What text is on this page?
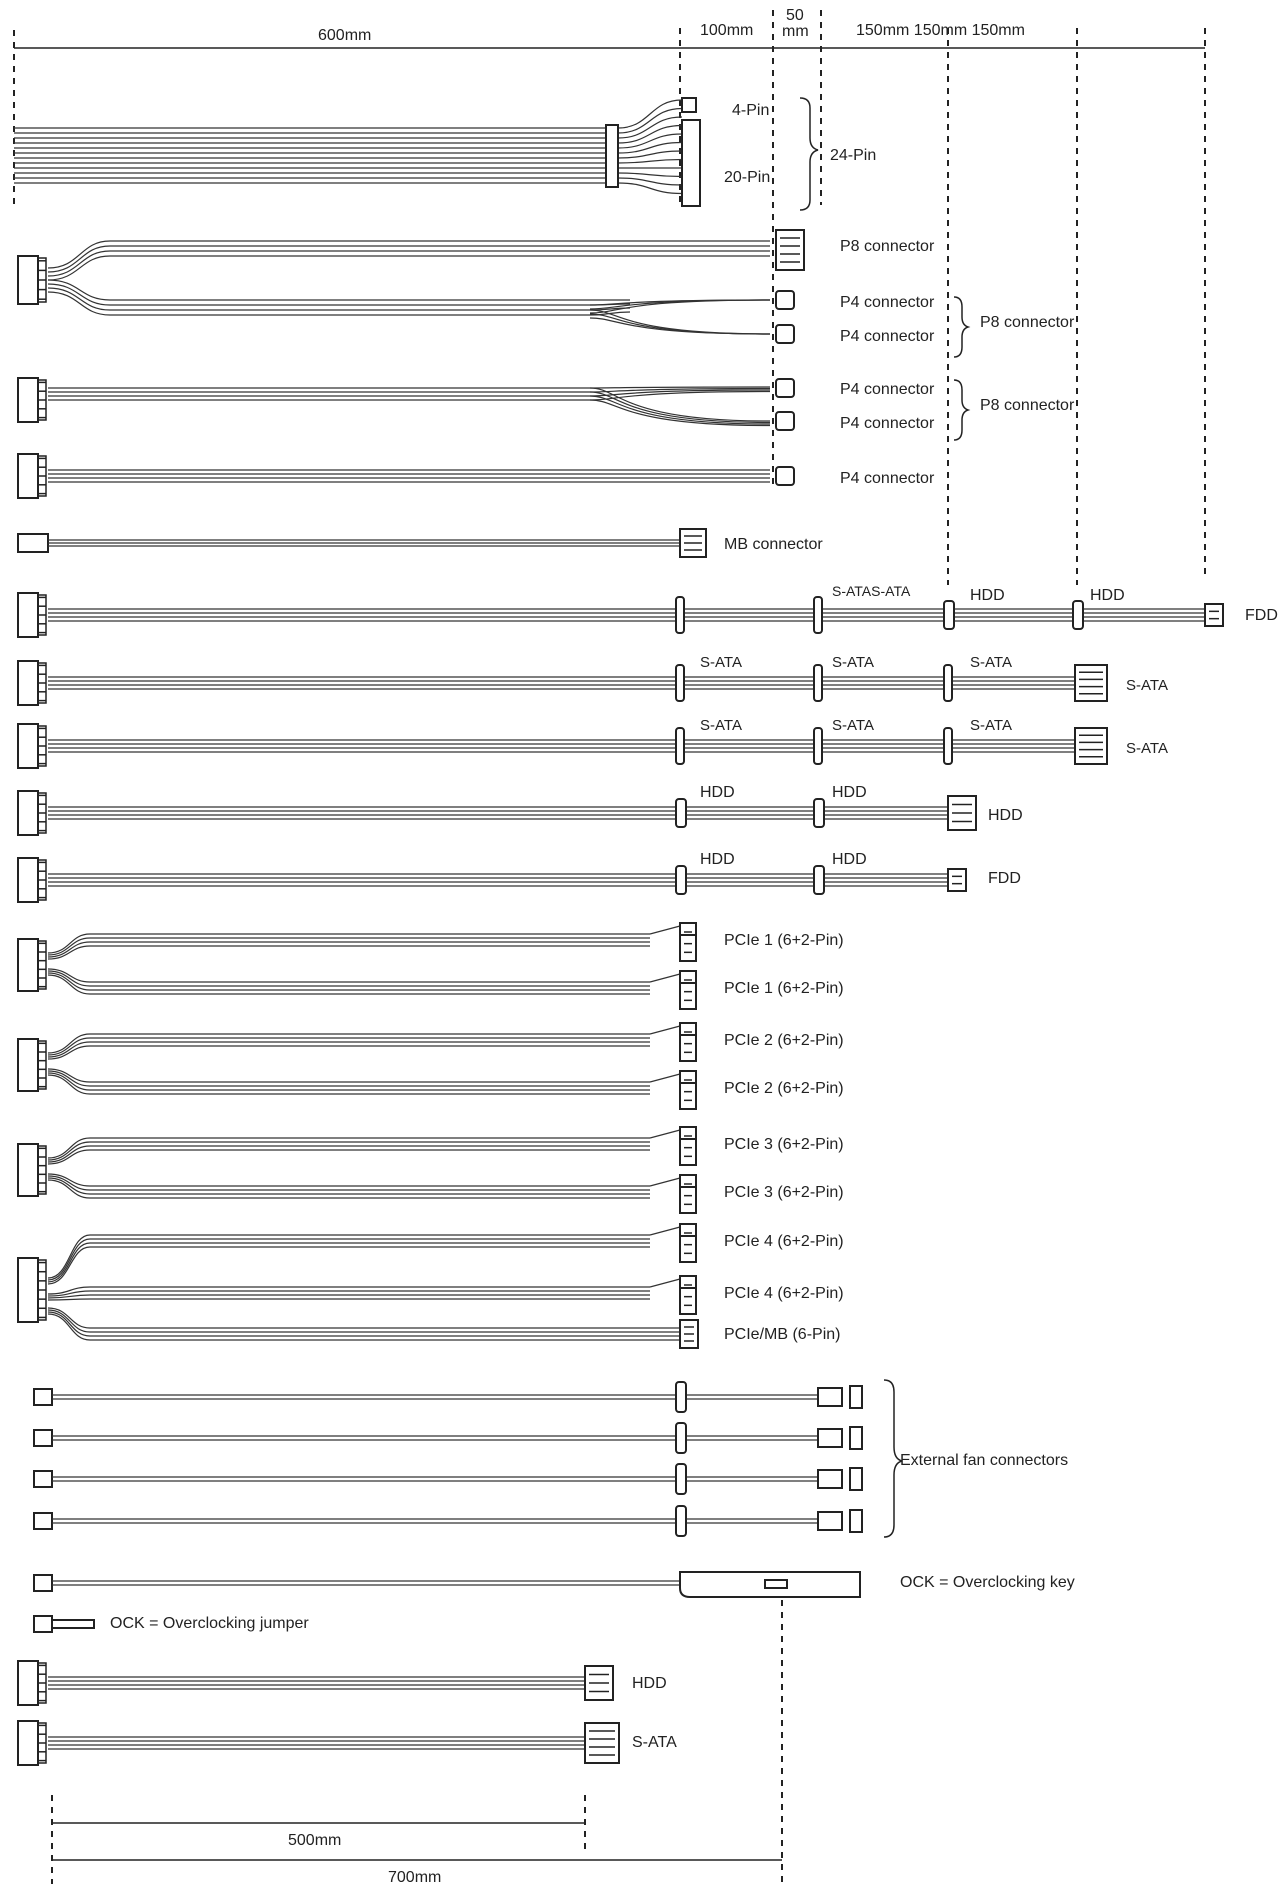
600mm	100mm
50
mm	150mm 150mm 150mm
4-Pin
20-Pin
24-Pin
P8 connector
P4 connector
P4 connector
P8 connector
P4 connector
P4 connector
P8 connector
P4 connector
MB connector
S-ATAS-ATA	HDD	HDD
FDD
S-ATA	S-ATA	S-ATA
S-ATA
S-ATA	S-ATA	S-ATA
S-ATA
HDD	HDD
HDD
HDD	HDD
FDD
PCIe 1 (6+2-Pin)
PCIe 1 (6+2-Pin)
PCIe 2 (6+2-Pin)
PCIe 2 (6+2-Pin)
PCIe 3 (6+2-Pin)
PCIe 3 (6+2-Pin)
PCIe 4 (6+2-Pin)
PCIe 4 (6+2-Pin)
PCIe/MB (6-Pin)
External fan connectors
OCK = Overclocking key
OCK = Overclocking jumper
HDD
S-ATA
500mm
700mm
